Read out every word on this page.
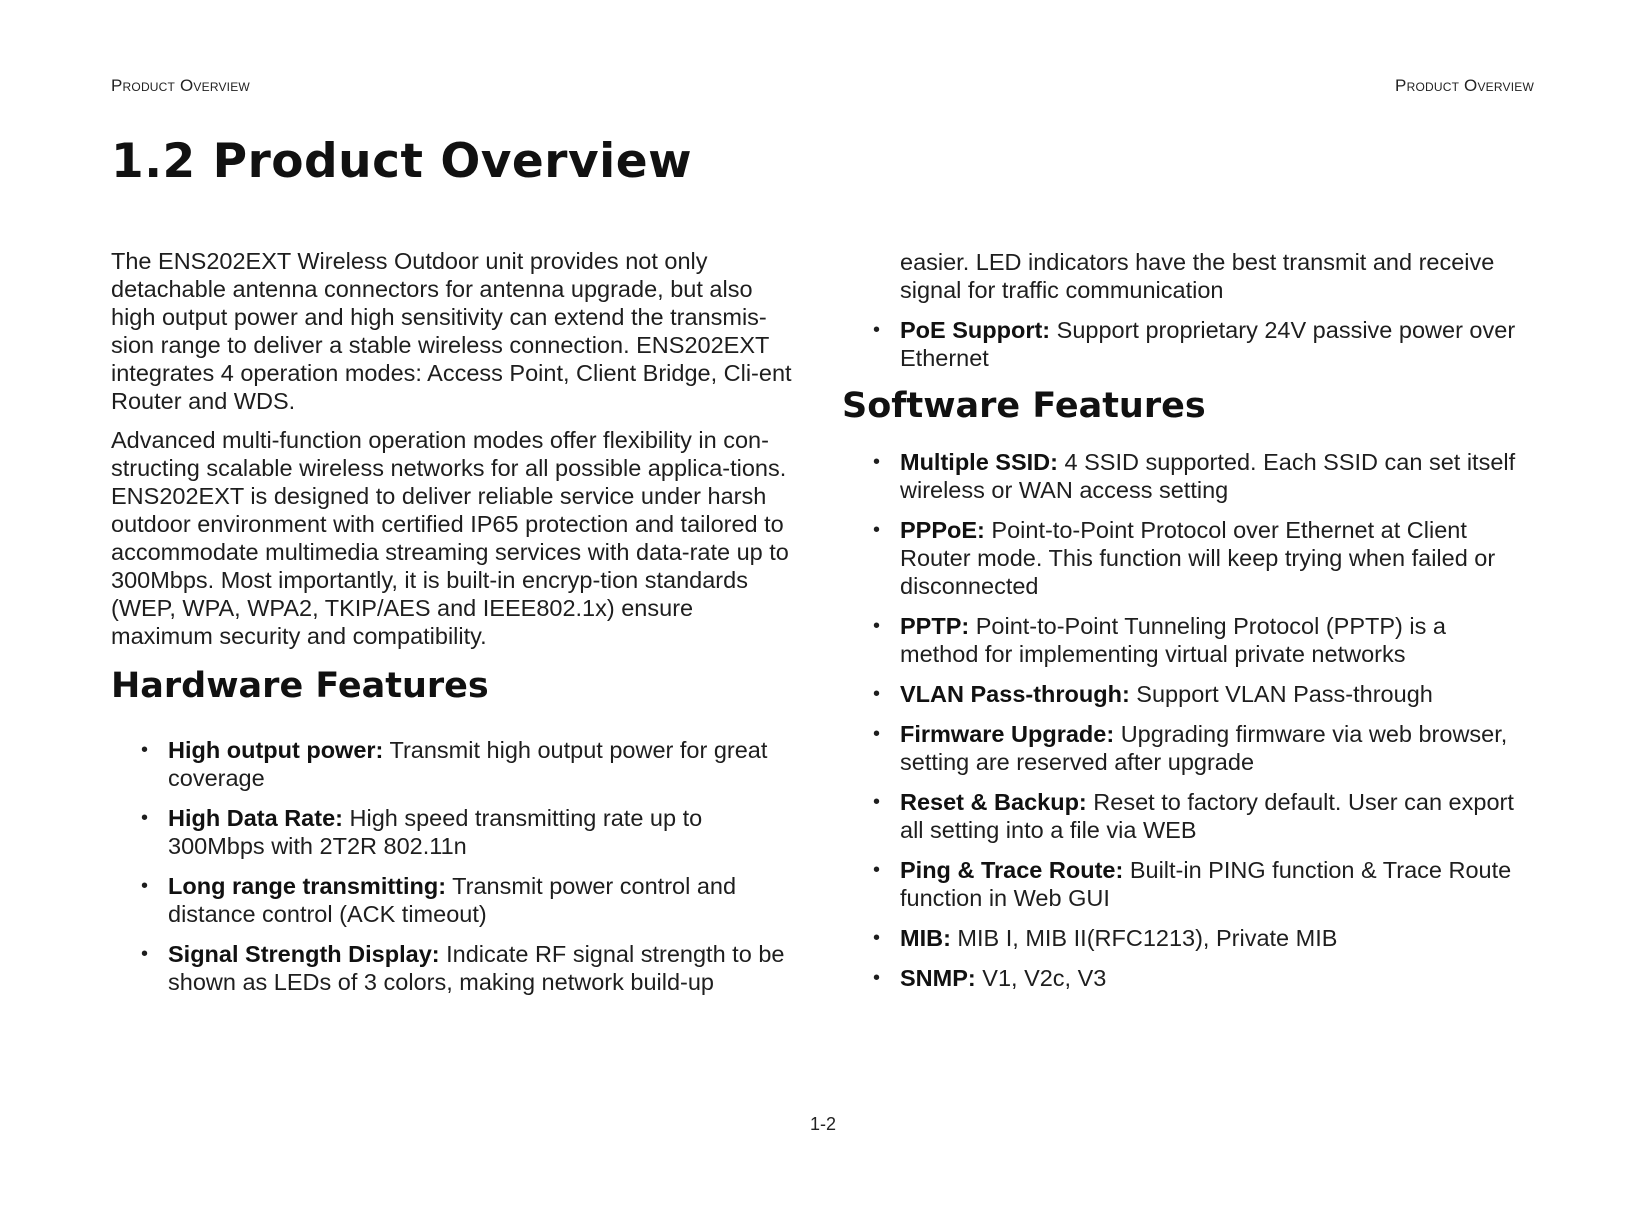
Product Overview	Product Overview
1.2 Product Overview

The ENS202EXT Wireless Outdoor unit provides not only detachable antenna connectors for antenna upgrade, but also high output power and high sensitivity can extend the transmis-sion range to deliver a stable wireless connection. ENS202EXT integrates 4 operation modes: Access Point, Client Bridge, Cli-ent Router and WDS.

Advanced multi-function operation modes offer flexibility in con-structing scalable wireless networks for all possible applica-tions. ENS202EXT is designed to deliver reliable service under harsh outdoor environment with certified IP65 protection and tailored to accommodate multimedia streaming services with data-rate up to 300Mbps. Most importantly, it is built-in encryp-tion standards (WEP, WPA, WPA2, TKIP/AES and IEEE802.1x) ensure maximum security and compatibility.

Hardware Features
• High output power: Transmit high output power for great coverage
• High Data Rate: High speed transmitting rate up to 300Mbps with 2T2R 802.11n
• Long range transmitting: Transmit power control and distance control (ACK timeout)
• Signal Strength Display: Indicate RF signal strength to be shown as LEDs of 3 colors, making network build-up

easier. LED indicators have the best transmit and receive signal for traffic communication

• PoE Support: Support proprietary 24V passive power over Ethernet
Software Features
• Multiple SSID: 4 SSID supported. Each SSID can set itself wireless or WAN access setting
• PPPoE: Point-to-Point Protocol over Ethernet at Client Router mode. This function will keep trying when failed or disconnected
• PPTP: Point-to-Point Tunneling Protocol (PPTP) is a method for implementing virtual private networks
• VLAN Pass-through: Support VLAN Pass-through
• Firmware Upgrade: Upgrading firmware via web browser, setting are reserved after upgrade
• Reset & Backup: Reset to factory default. User can export all setting into a file via WEB
• Ping & Trace Route: Built-in PING function & Trace Route function in Web GUI
• MIB: MIB I, MIB II(RFC1213), Private MIB
• SNMP: V1, V2c, V3
1-2
